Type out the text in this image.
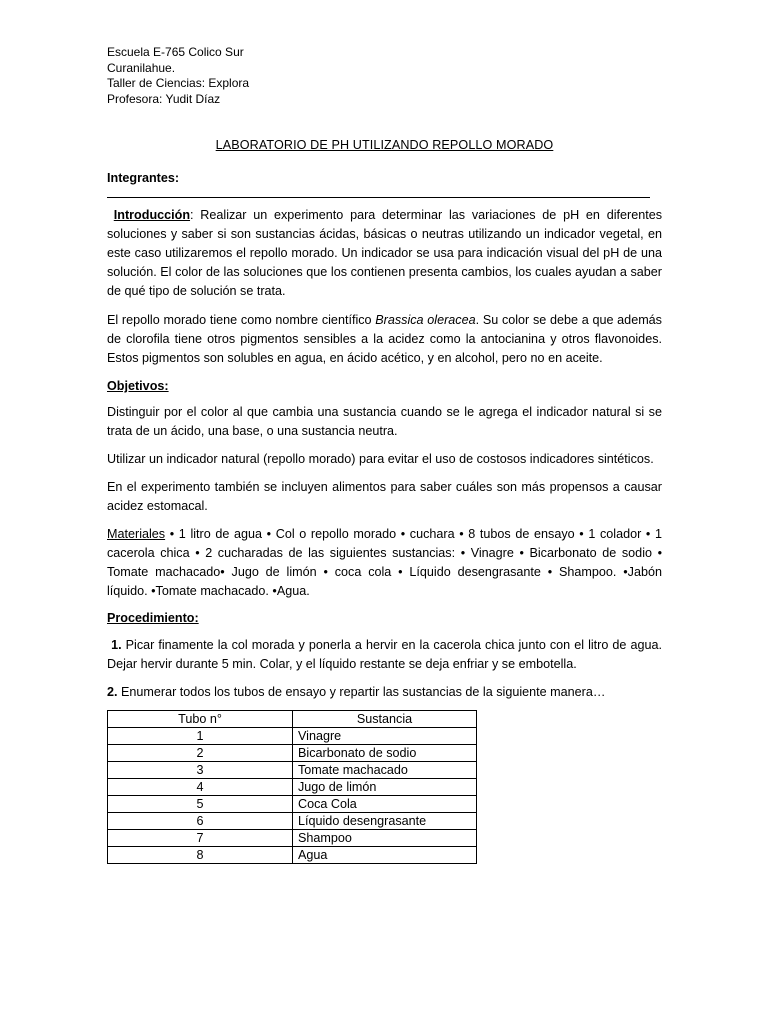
Escuela E-765 Colico Sur
Curanilahue.
Taller de Ciencias: Explora
Profesora: Yudit Díaz
LABORATORIO DE PH UTILIZANDO REPOLLO MORADO
Integrantes:

Introducción: Realizar un experimento para determinar las variaciones de pH en diferentes soluciones y saber si son sustancias ácidas, básicas o neutras utilizando un indicador vegetal, en este caso utilizaremos el repollo morado. Un indicador se usa para indicación visual del pH de una solución. El color de las soluciones que los contienen presenta cambios, los cuales ayudan a saber de qué tipo de solución se trata.

El repollo morado tiene como nombre científico Brassica oleracea. Su color se debe a que además de clorofila tiene otros pigmentos sensibles a la acidez como la antocianina y otros flavonoides. Estos pigmentos son solubles en agua, en ácido acético, y en alcohol, pero no en aceite.

Objetivos:

Distinguir por el color al que cambia una sustancia cuando se le agrega el indicador natural si se trata de un ácido, una base, o una sustancia neutra.

Utilizar un indicador natural (repollo morado) para evitar el uso de costosos indicadores sintéticos.

En el experimento también se incluyen alimentos para saber cuáles son más propensos a causar acidez estomacal.

Materiales • 1 litro de agua • Col o repollo morado • cuchara • 8 tubos de ensayo • 1 colador • 1 cacerola chica • 2 cucharadas de las siguientes sustancias: • Vinagre • Bicarbonato de sodio • Tomate machacado• Jugo de limón • coca cola • Líquido desengrasante • Shampoo. •Jabón líquido. •Tomate machacado. •Agua.

Procedimiento:

1. Picar finamente la col morada y ponerla a hervir en la cacerola chica junto con el litro de agua. Dejar hervir durante 5 min. Colar, y el líquido restante se deja enfriar y se embotella.

2. Enumerar todos los tubos de ensayo y repartir las sustancias de la siguiente manera…

Tubo n°	Sustancia
1	Vinagre
2	Bicarbonato de sodio
3	Tomate machacado
4	Jugo de limón
5	Coca Cola
6	Líquido desengrasante
7	Shampoo
8	Agua
